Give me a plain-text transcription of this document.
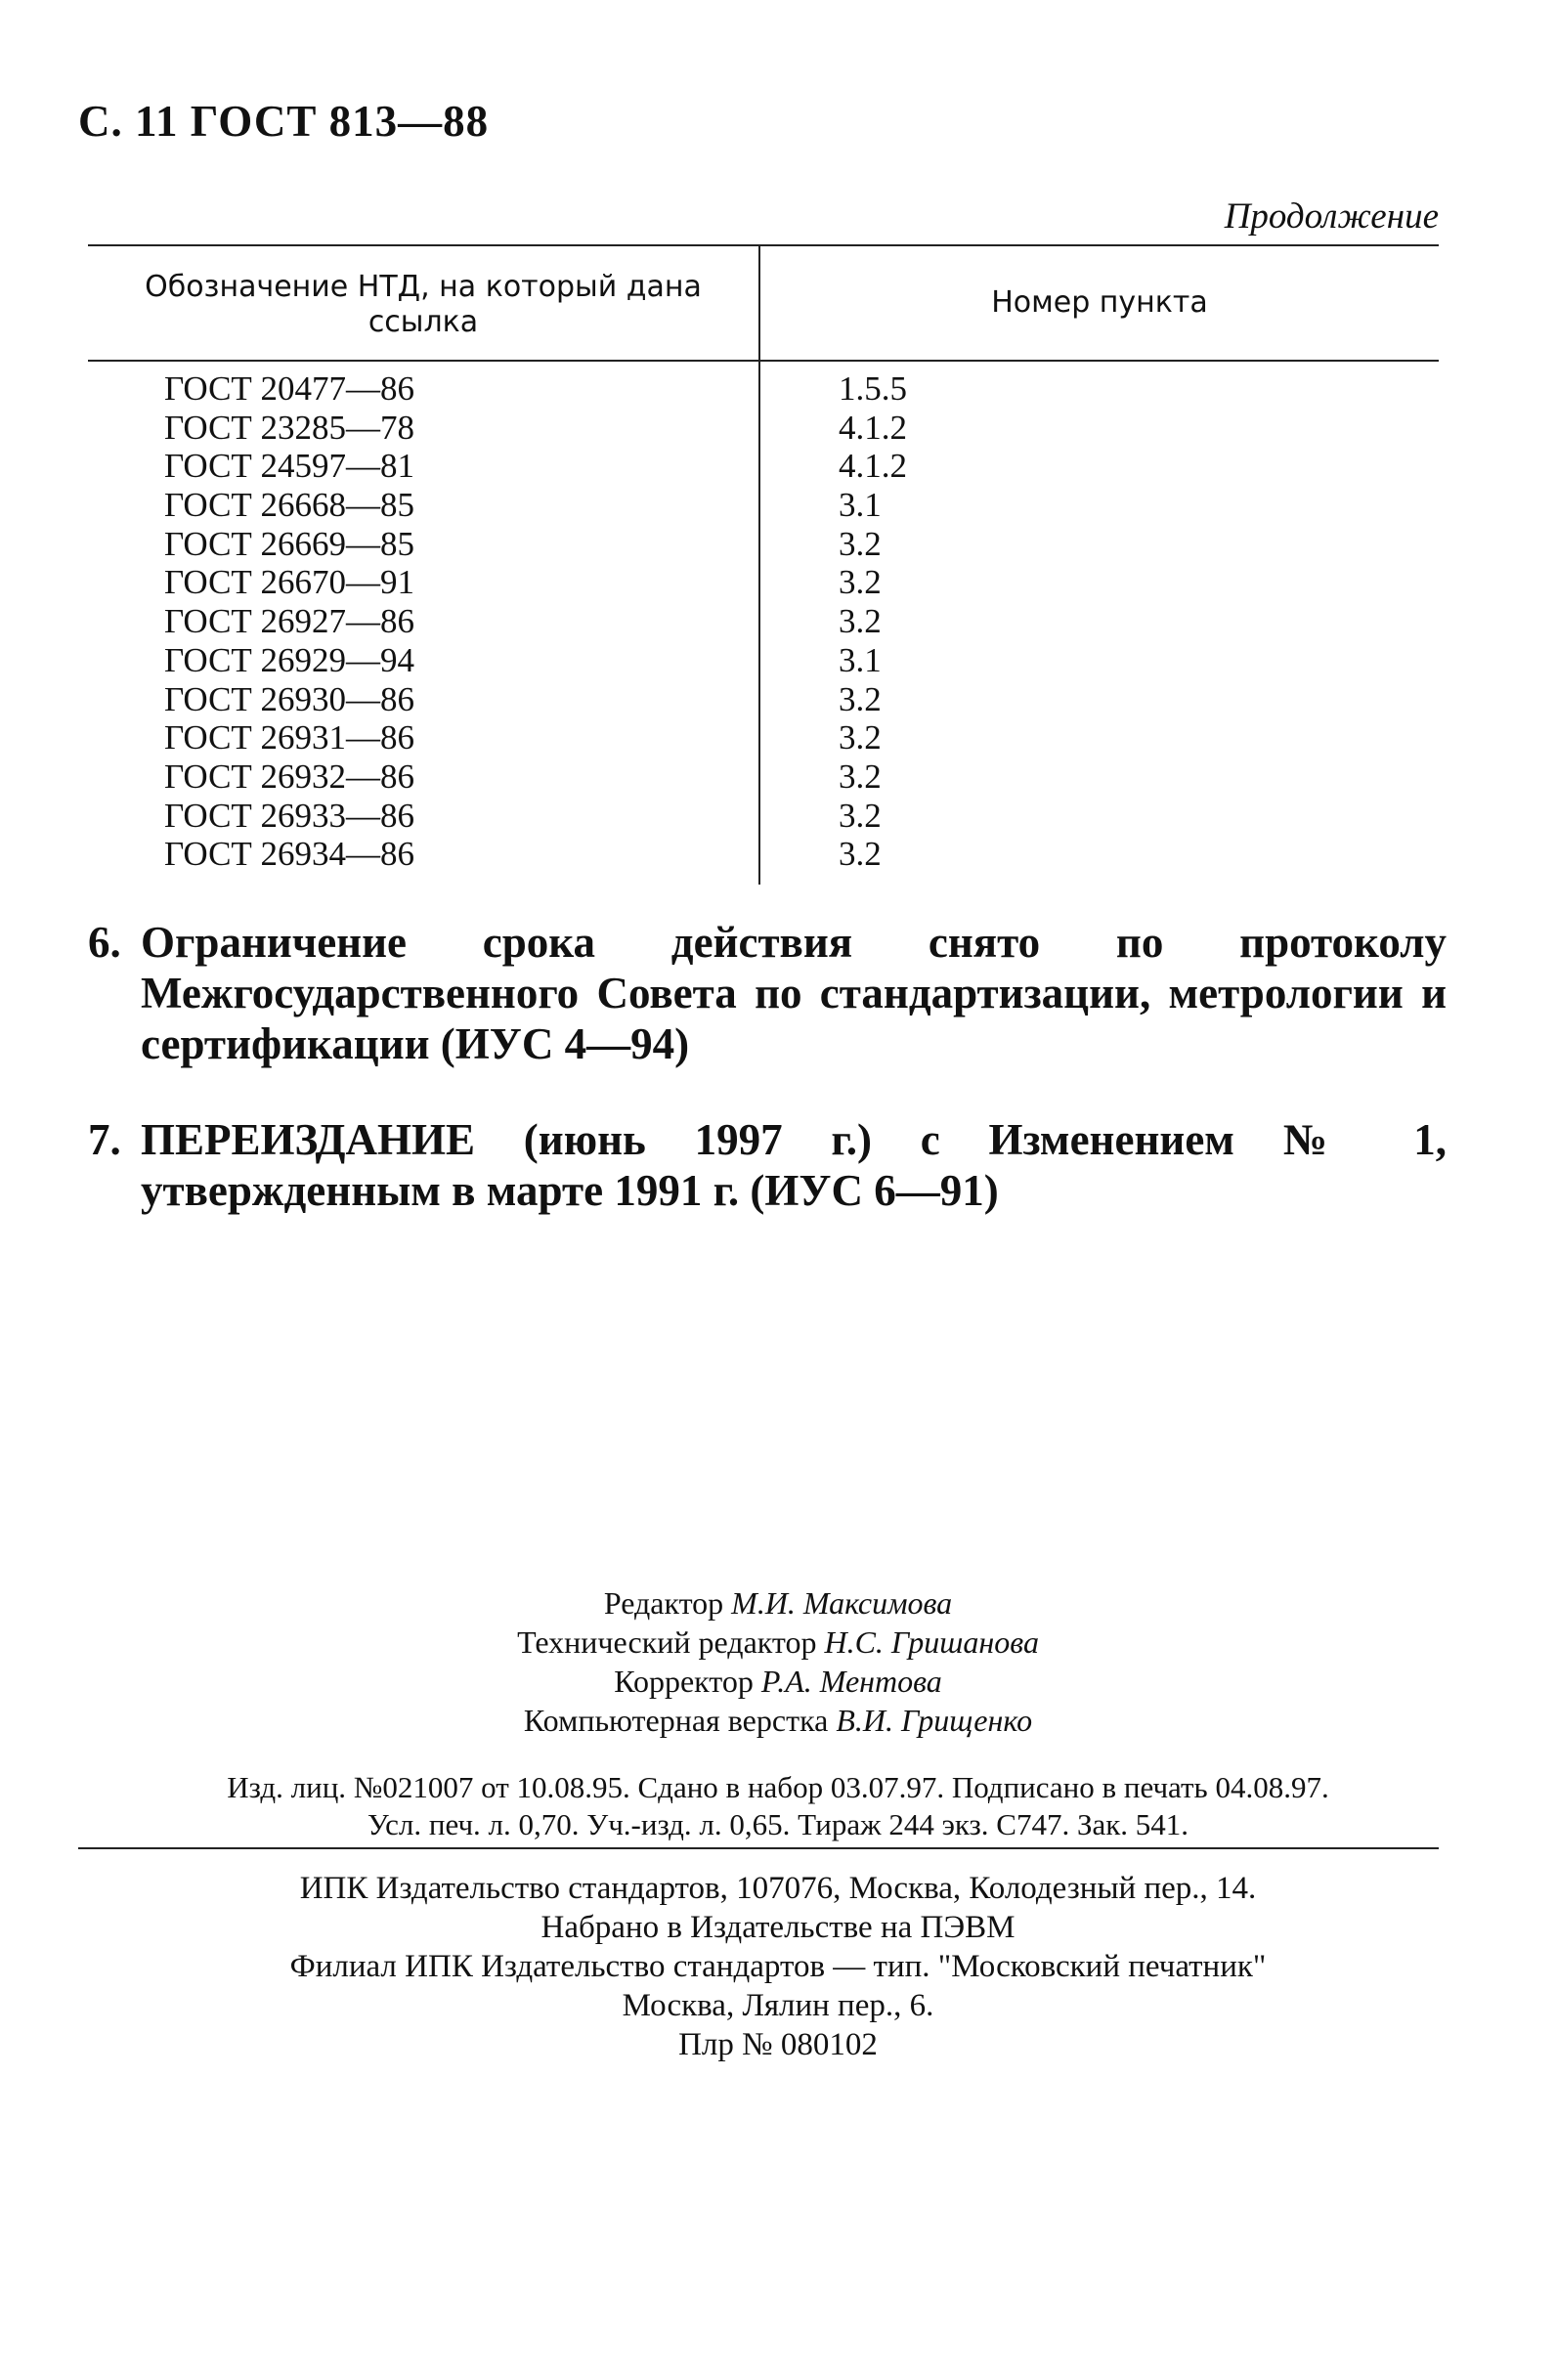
С. 11 ГОСТ 813—88
Продолжение
Обозначение НТД, на который дана ссылка
Номер пункта
ГОСТ 20477—86	1.5.5
ГОСТ 23285—78	4.1.2
ГОСТ 24597—81	4.1.2
ГОСТ 26668—85	3.1
ГОСТ 26669—85	3.2
ГОСТ 26670—91	3.2
ГОСТ 26927—86	3.2
ГОСТ 26929—94	3.1
ГОСТ 26930—86	3.2
ГОСТ 26931—86	3.2
ГОСТ 26932—86	3.2
ГОСТ 26933—86	3.2
ГОСТ 26934—86	3.2
6. Ограничение срока действия снято по протоколу Межгосударственного Совета по стандартизации, метрологии и сертификации (ИУС 4—94)
7. ПЕРЕИЗДАНИЕ (июнь 1997 г.) с Изменением № 1, утвержденным в марте 1991 г. (ИУС 6—91)
Редактор М.И. Максимова
Технический редактор Н.С. Гришанова
Корректор Р.А. Ментова
Компьютерная верстка В.И. Грищенко
Изд. лиц. №021007 от 10.08.95. Сдано в набор 03.07.97. Подписано в печать 04.08.97.
Усл. печ. л. 0,70. Уч.-изд. л. 0,65. Тираж 244 экз. С747. Зак. 541.
ИПК Издательство стандартов, 107076, Москва, Колодезный пер., 14.
Набрано в Издательстве на ПЭВМ
Филиал ИПК Издательство стандартов — тип. "Московский печатник"
Москва, Лялин пер., 6.
Плр № 080102
